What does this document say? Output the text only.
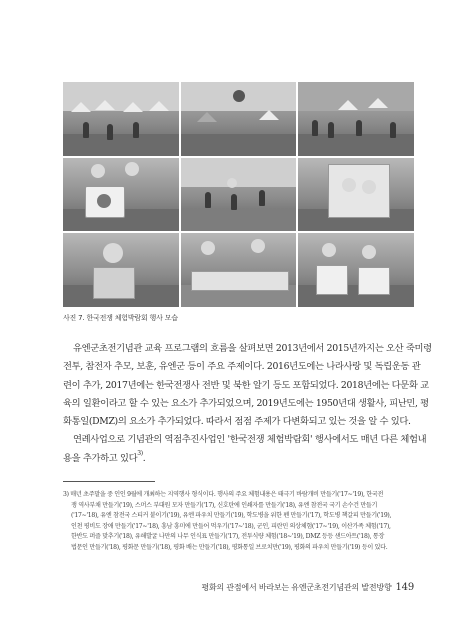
사진 7. 한국전쟁 체험박람회 행사 모습

유엔군초전기념관 교육 프로그램의 흐름을 살펴보면 2013년에서 2015년까지는 오산 죽미령

전투, 참전자 추모, 보훈, 유엔군 등이 주요 주제이다. 2016년도에는 나라사랑 및 독립운동 관

련이 추가, 2017년에는 한국전쟁사 전반 및 북한 알기 등도 포함되었다. 2018년에는 다문화 교

육의 일환이라고 할 수 있는 요소가 추가되었으며, 2019년도에는 1950년대 생활사, 피난민, 평

화통일(DMZ)의 요소가 추가되었다. 따라서 점점 주제가 다변화되고 있는 것을 알 수 있다.

연례사업으로 기념관의 역점추진사업인 '한국전쟁 체험박람회' 행사에서도 매년 다른 체험내

용을 추가하고 있다$^{3)}$.

3) 매년 초주말을 중 인인 9월에 개최하는 지역행사 형식이다. 행사의 주요 체험내용은 태극기 바람개비 만들기('17~'19), 한국전
쟁 역사부채 만들기('19), 스머스 부대원 모자 만들기('17), 신호탄에 인쇄자를 만들기('18), 유엔 참전국 국기 손수건 만들기
('17~'18), 유엔 참전국 스티커 붙이기('19), 유엔 파우치 만들기('19), 학도병을 위한 펜 만들기('17), 학도병 책갈피 만들기('19),
인천 평비도 장애 만들기('17~'18), 흥남 흥미에 만들어 먹우기('17~'18), 군인, 피란민 의상체험('17~'19), 이산가족 체험('17),
한반도 퍼즐 맞추기('18), 유해발굴 나만의 나무 인식표 만들기('17), 전투식량 체험('18~'19), DMZ 등등 샌드아트('18), 통장
법문인 만들기('18), 평화문 만들기('18), 평화 배는 만들기('18), 평화통일 브로치만('19), 평화의 파우치 만들기('19) 등이 있다.
평화의 관점에서 바라보는 유엔군초전기념관의 발전방향 149
